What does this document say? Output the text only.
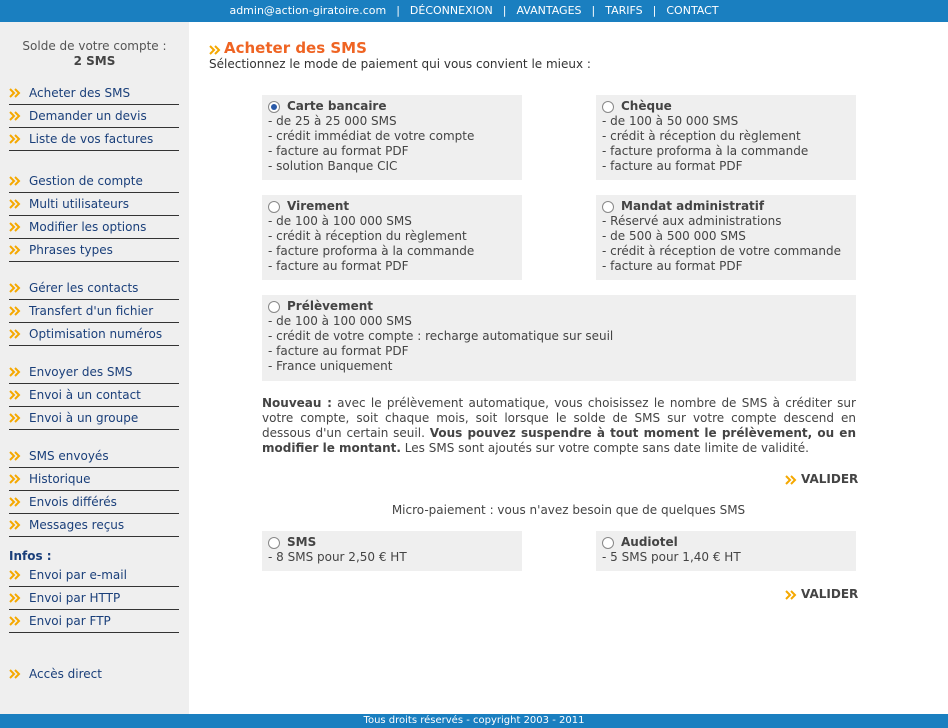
admin@action-giratoire.com | DÉCONNEXION | AVANTAGES | TARIFS | CONTACT
Solde de votre compte :
2 SMS
Acheter des SMS
Demander un devis
Liste de vos factures
Gestion de compte
Multi utilisateurs
Modifier les options
Phrases types
Gérer les contacts
Transfert d'un fichier
Optimisation numéros
Envoyer des SMS
Envoi à un contact
Envoi à un groupe
SMS envoyés
Historique
Envois différés
Messages reçus
Envoi par e-mail
Envoi par HTTP
Envoi par FTP
Infos :
Accès direct
Acheter des SMS
Sélectionnez le mode de paiement qui vous convient le mieux :
Carte bancaire
- de 25 à 25 000 SMS
- crédit immédiat de votre compte
- facture au format PDF
- solution Banque CIC
Chèque
- de 100 à 50 000 SMS
- crédit à réception du règlement
- facture proforma à la commande
- facture au format PDF
Virement
- de 100 à 100 000 SMS
- crédit à réception du règlement
- facture proforma à la commande
- facture au format PDF
Mandat administratif
- Réservé aux administrations
- de 500 à 500 000 SMS
- crédit à réception de votre commande
- facture au format PDF
Prélèvement
- de 100 à 100 000 SMS
- crédit de votre compte : recharge automatique sur seuil
- facture au format PDF
- France uniquement
Nouveau : avec le prélèvement automatique, vous choisissez le nombre de SMS à créditer sur votre compte, soit chaque mois, soit lorsque le solde de SMS sur votre compte descend en dessous d'un certain seuil. Vous pouvez suspendre à tout moment le prélèvement, ou en modifier le montant. Les SMS sont ajoutés sur votre compte sans date limite de validité.
VALIDER
Micro-paiement : vous n'avez besoin que de quelques SMS
SMS
- 8 SMS pour 2,50 € HT
Audiotel
- 5 SMS pour 1,40 € HT
VALIDER
Tous droits réservés - copyright 2003 - 2011
